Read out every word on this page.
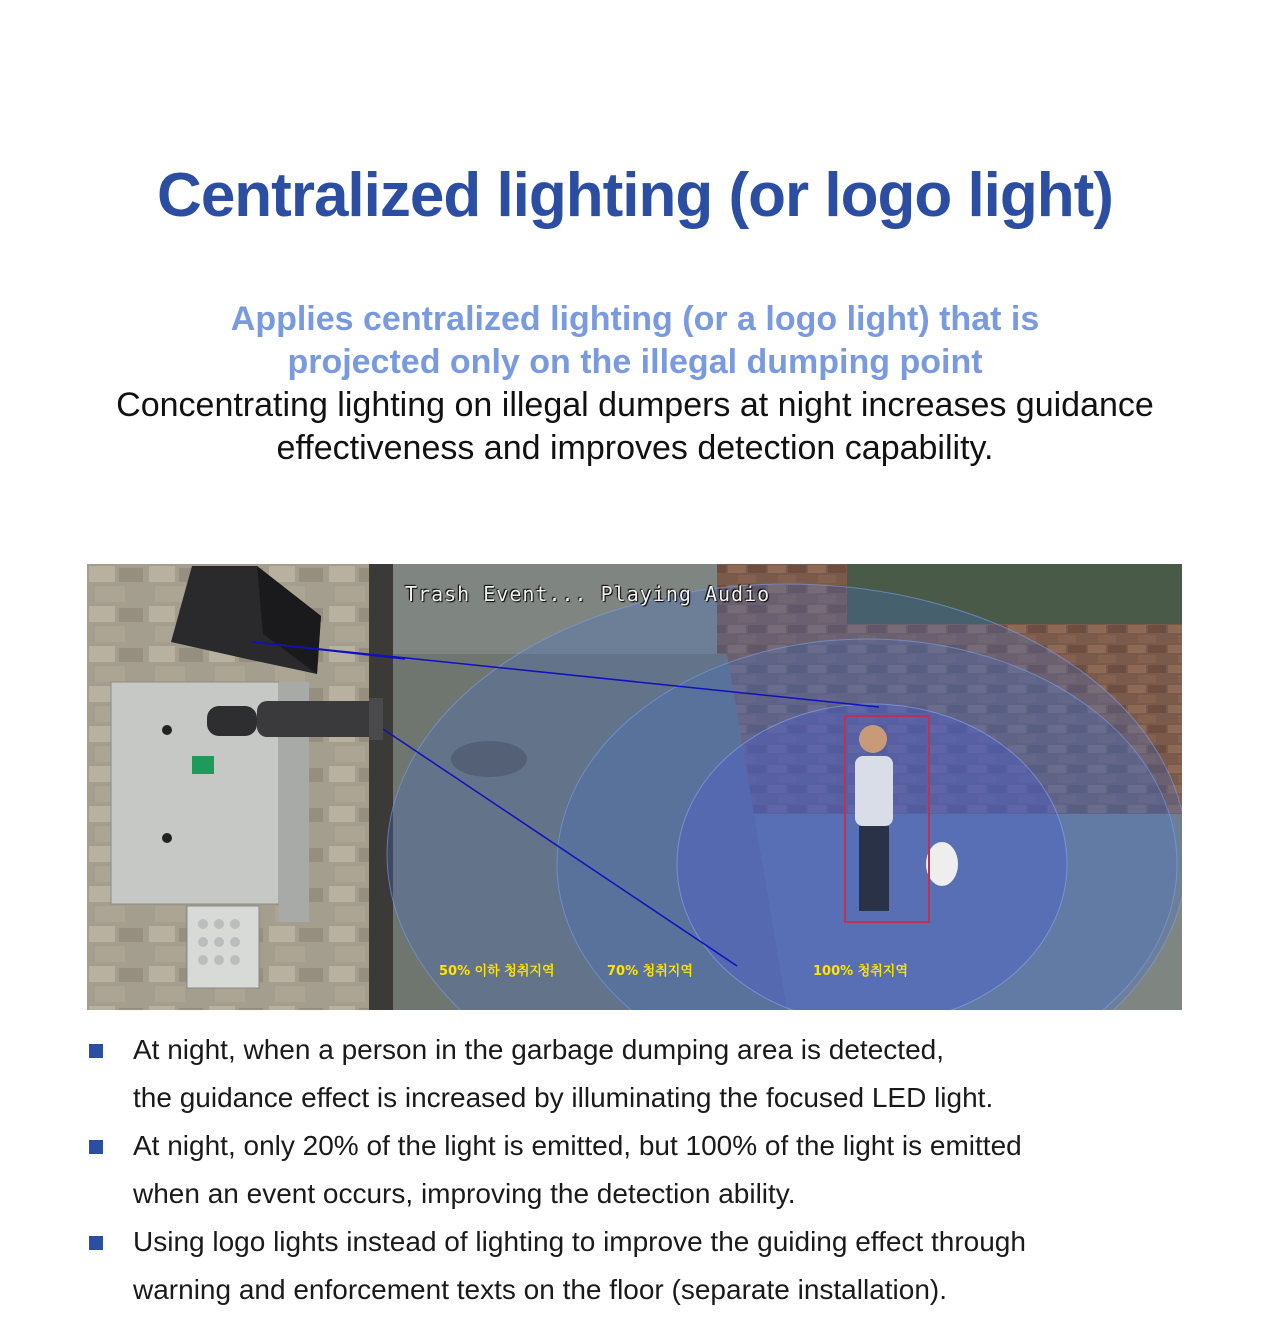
Centralized lighting (or logo light)
Applies centralized lighting (or a logo light) that is
projected only on the illegal dumping point
Concentrating lighting on illegal dumpers at night increases guidance
effectiveness and improves detection capability.
Trash Event... Playing Audio
50% 이하 청취지역	70% 청취지역	100% 청취지역
At night, when a person in the garbage dumping area is detected,
the guidance effect is increased by illuminating the focused LED light.
At night, only 20% of the light is emitted, but 100% of the light is emitted
when an event occurs, improving the detection ability.
Using logo lights instead of lighting to improve the guiding effect through
warning and enforcement texts on the floor (separate installation).
